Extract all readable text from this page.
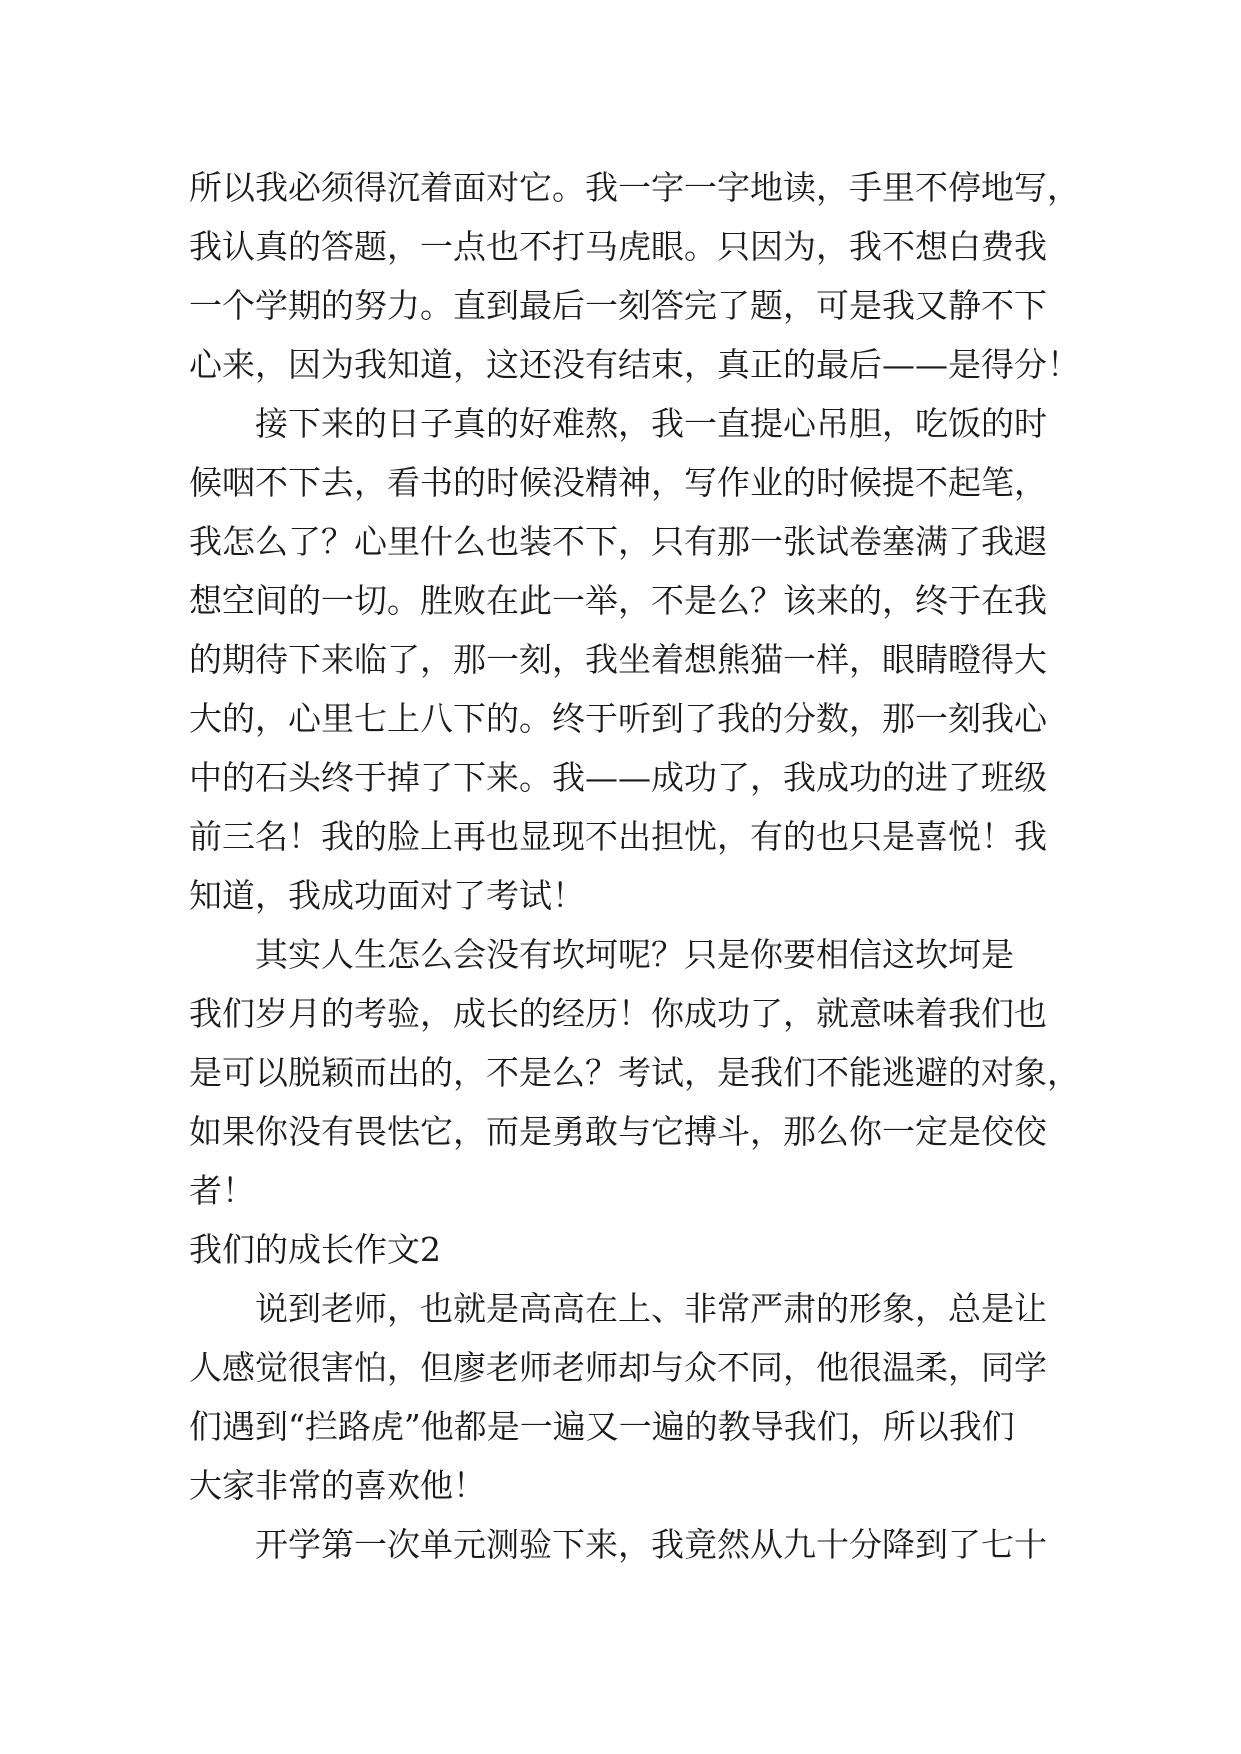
所以我必须得沉着面对它。我一字一字地读，手里不停地写，
我认真的答题，一点也不打马虎眼。只因为，我不想白费我
一个学期的努力。直到最后一刻答完了题，可是我又静不下
心来，因为我知道，这还没有结束，真正的最后——是得分！
接下来的日子真的好难熬，我一直提心吊胆，吃饭的时
候咽不下去，看书的时候没精神，写作业的时候提不起笔，
我怎么了？心里什么也装不下，只有那一张试卷塞满了我遐
想空间的一切。胜败在此一举，不是么？该来的，终于在我
的期待下来临了，那一刻，我坐着想熊猫一样，眼睛瞪得大
大的，心里七上八下的。终于听到了我的分数，那一刻我心
中的石头终于掉了下来。我——成功了，我成功的进了班级
前三名！我的脸上再也显现不出担忧，有的也只是喜悦！我
知道，我成功面对了考试！
其实人生怎么会没有坎坷呢？只是你要相信这坎坷是
我们岁月的考验，成长的经历！你成功了，就意味着我们也
是可以脱颖而出的，不是么？考试，是我们不能逃避的对象，
如果你没有畏怯它，而是勇敢与它搏斗，那么你一定是佼佼
者！
我们的成长作文2
说到老师，也就是高高在上、非常严肃的形象，总是让
人感觉很害怕，但廖老师老师却与众不同，他很温柔，同学
们遇到“拦路虎”他都是一遍又一遍的教导我们，所以我们
大家非常的喜欢他！
开学第一次单元测验下来，我竟然从九十分降到了七十
